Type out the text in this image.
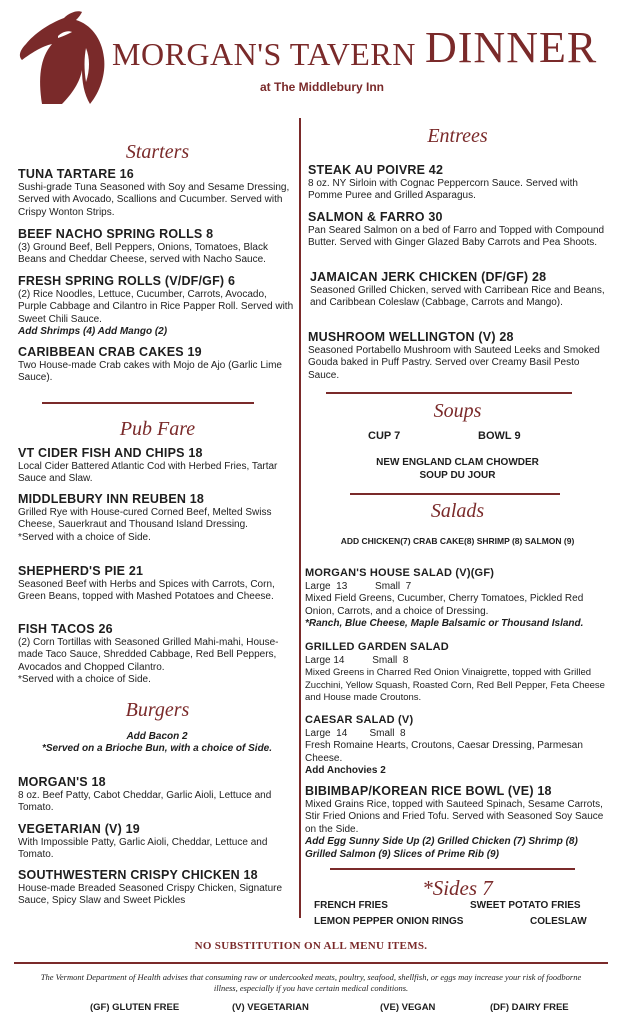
MORGAN'S TAVERN
at The Middlebury Inn
DINNER
Starters
TUNA TARTARE 16
Sushi-grade Tuna Seasoned with Soy and Sesame Dressing, Served with Avocado, Scallions and Cucumber. Served with Crispy Wonton Strips.
BEEF NACHO SPRING ROLLS 8
(3) Ground Beef, Bell Peppers, Onions, Tomatoes, Black Beans and Cheddar Cheese, served with Nacho Sauce.
FRESH SPRING ROLLS (V/DF/GF) 6
(2) Rice Noodles, Lettuce, Cucumber, Carrots, Avocado, Purple Cabbage and Cilantro in Rice Papper Roll. Served with Sweet Chili Sauce.
Add Shrimps (4) Add Mango (2)
CARIBBEAN CRAB CAKES 19
Two House-made Crab cakes with Mojo de Ajo (Garlic Lime Sauce).
Pub Fare
VT CIDER FISH AND CHIPS 18
Local Cider Battered Atlantic Cod with Herbed Fries, Tartar Sauce and Slaw.
MIDDLEBURY INN REUBEN 18
Grilled Rye with House-cured Corned Beef, Melted Swiss Cheese, Sauerkraut and Thousand Island Dressing.
*Served with a choice of Side.
SHEPHERD'S PIE 21
Seasoned Beef with Herbs and Spices with Carrots, Corn, Green Beans, topped with Mashed Potatoes and Cheese.
FISH TACOS 26
(2) Corn Tortillas with Seasoned Grilled Mahi-mahi, House-made Taco Sauce, Shredded Cabbage, Red Bell Peppers, Avocados and Chopped Cilantro.
*Served with a choice of Side.
Burgers
Add Bacon 2
*Served on a Brioche Bun, with a choice of Side.
MORGAN'S 18
8 oz. Beef Patty, Cabot Cheddar, Garlic Aioli, Lettuce and Tomato.
VEGETARIAN (V) 19
With Impossible Patty, Garlic Aioli, Cheddar, Lettuce and Tomato.
SOUTHWESTERN CRISPY CHICKEN 18
House-made Breaded Seasoned Crispy Chicken, Signature Sauce, Spicy Slaw and Sweet Pickles
Entrees
STEAK AU POIVRE 42
8 oz. NY Sirloin with Cognac Peppercorn Sauce. Served with Pomme Puree and Grilled Asparagus.
SALMON & FARRO 30
Pan Seared Salmon on a bed of Farro and Topped with Compound Butter. Served with Ginger Glazed Baby Carrots and Pea Shoots.
JAMAICAN JERK CHICKEN (DF/GF) 28
Seasoned Grilled Chicken, served with Carribean Rice and Beans, and Caribbean Coleslaw (Cabbage, Carrots and Mango).
MUSHROOM WELLINGTON (V) 28
Seasoned Portabello Mushroom with Sauteed Leeks and Smoked Gouda baked in Puff Pastry. Served over Creamy Basil Pesto Sauce.
Soups
CUP 7	BOWL 9
NEW ENGLAND CLAM CHOWDER
SOUP DU JOUR
Salads
ADD CHICKEN(7) CRAB CAKE(8) SHRIMP (8) SALMON (9)
MORGAN'S HOUSE SALAD (V)(GF)
Large  13          Small  7
Mixed Field Greens, Cucumber, Cherry Tomatoes, Pickled Red Onion, Carrots, and a choice of Dressing.
*Ranch, Blue Cheese, Maple Balsamic or Thousand Island.
GRILLED GARDEN SALAD
Large 14          Small  8
Mixed Greens in Charred Red Onion Vinaigrette, topped with Grilled Zucchini, Yellow Squash, Roasted Corn, Red Bell Pepper, Feta Cheese and House made Croutons.
CAESAR SALAD (V)
Large  14        Small  8
Fresh Romaine Hearts, Croutons, Caesar Dressing, Parmesan Cheese.
Add Anchovies 2
BIBIMBAP/KOREAN RICE BOWL (VE) 18
Mixed Grains Rice, topped with Sauteed Spinach, Sesame Carrots, Stir Fried Onions and Fried Tofu. Served with Seasoned Soy Sauce on the Side.
Add Egg Sunny Side Up (2) Grilled Chicken (7) Shrimp (8) Grilled Salmon (9) Slices of Prime Rib (9)
*Sides 7
FRENCH FRIES	SWEET POTATO FRIES
LEMON PEPPER ONION RINGS	COLESLAW
NO SUBSTITUTION ON ALL MENU ITEMS.
The Vermont Department of Health advises that consuming raw or undercooked meats, poultry, seafood, shellfish, or eggs may increase your risk of foodborne illness, especially if you have certain medical conditions.
(GF) GLUTEN FREE	(V) VEGETARIAN	(VE) VEGAN	(DF) DAIRY FREE
